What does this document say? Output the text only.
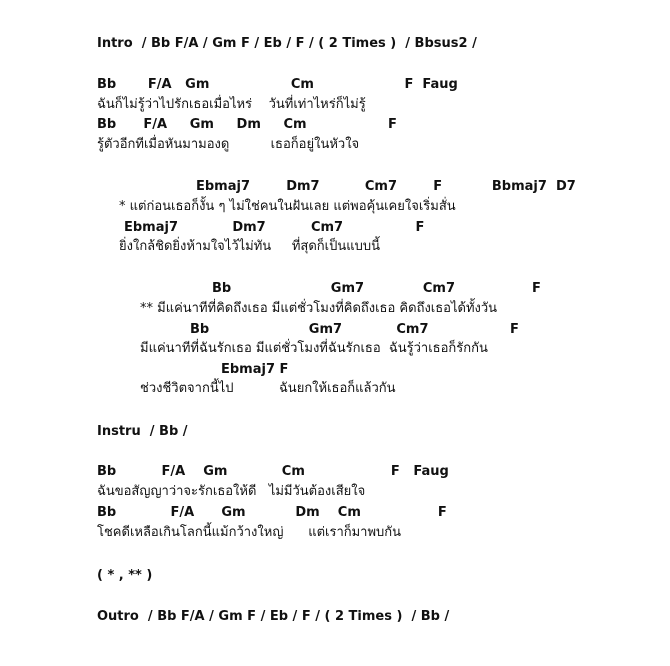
Intro  / Bb F/A / Gm F / Eb / F / ( 2 Times )  / Bbsus2 /
Bb       F/A   Gm                  Cm                    F  Faug
ฉันก็ไม่รู้ว่าไปรักเธอเมื่อไหร่    วันที่เท่าไหร่ก็ไม่รู้
Bb      F/A     Gm     Dm     Cm                  F
รู้ตัวอีกทีเมื่อหันมามองดู          เธอก็อยู่ในหัวใจ
Ebmaj7        Dm7          Cm7        F           Bbmaj7  D7
* แต่ก่อนเธอก็งั้น ๆ ไม่ใช่คนในฝันเลย แต่พอคุ้นเคยใจเริ่มสั่น
Ebmaj7            Dm7          Cm7                F
ยิ่งใกล้ชิดยิ่งห้ามใจไว้ไม่ทัน     ที่สุดก็เป็นแบบนี้
Bb                      Gm7             Cm7                 F
** มีแค่นาทีที่คิดถึงเธอ มีแต่ชั่วโมงที่คิดถึงเธอ คิดถึงเธอได้ทั้งวัน
Bb                      Gm7            Cm7                  F
มีแค่นาทีที่ฉันรักเธอ มีแต่ชั่วโมงที่ฉันรักเธอ  ฉันรู้ว่าเธอก็รักกัน
Ebmaj7 F
ช่วงชีวิตจากนี้ไป           ฉันยกให้เธอก็แล้วกัน
Instru  / Bb /
Bb          F/A    Gm            Cm                   F   Faug
ฉันขอสัญญาว่าจะรักเธอให้ดี   ไม่มีวันต้องเสียใจ
Bb            F/A      Gm           Dm    Cm                 F
โชคดีเหลือเกินโลกนี้แม้กว้างใหญ่      แต่เราก็มาพบกัน
( * , ** )
Outro  / Bb F/A / Gm F / Eb / F / ( 2 Times )  / Bb /
